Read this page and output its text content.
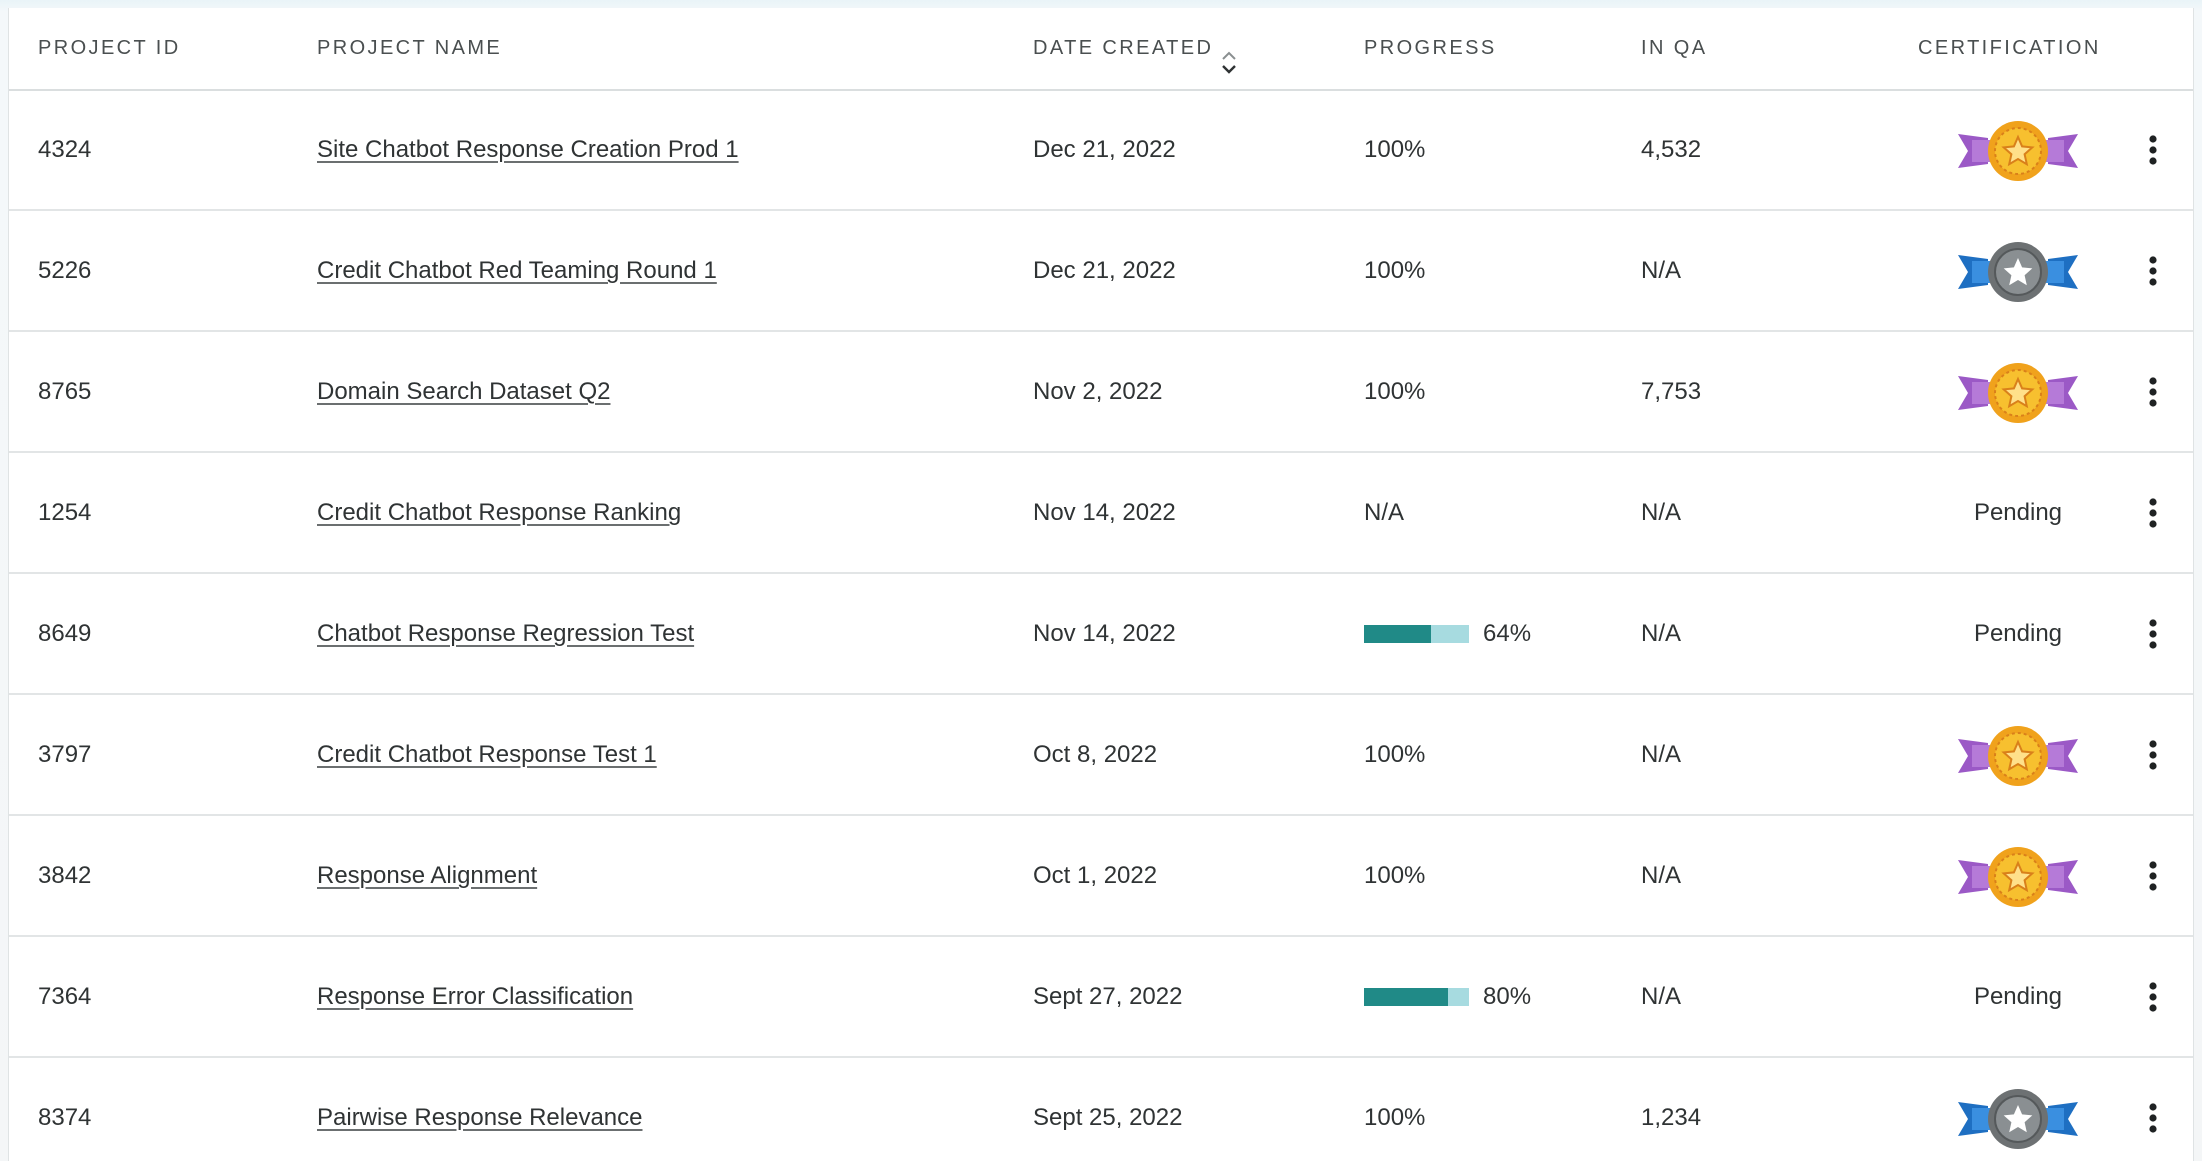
PROJECT ID	PROJECT NAME	DATE CREATED	PROGRESS	IN QA	CERTIFICATION
4324	Site Chatbot Response Creation Prod 1	Dec 21, 2022	100%	4,532
5226	Credit Chatbot Red Teaming Round 1	Dec 21, 2022	100%	N/A
8765	Domain Search Dataset Q2	Nov 2, 2022	100%	7,753
1254	Credit Chatbot Response Ranking	Nov 14, 2022	N/A	N/A	Pending
8649	Chatbot Response Regression Test	Nov 14, 2022	64%	N/A	Pending
3797	Credit Chatbot Response Test 1	Oct 8, 2022	100%	N/A
3842	Response Alignment	Oct 1, 2022	100%	N/A
7364	Response Error Classification	Sept 27, 2022	80%	N/A	Pending
8374	Pairwise Response Relevance	Sept 25, 2022	100%	1,234
